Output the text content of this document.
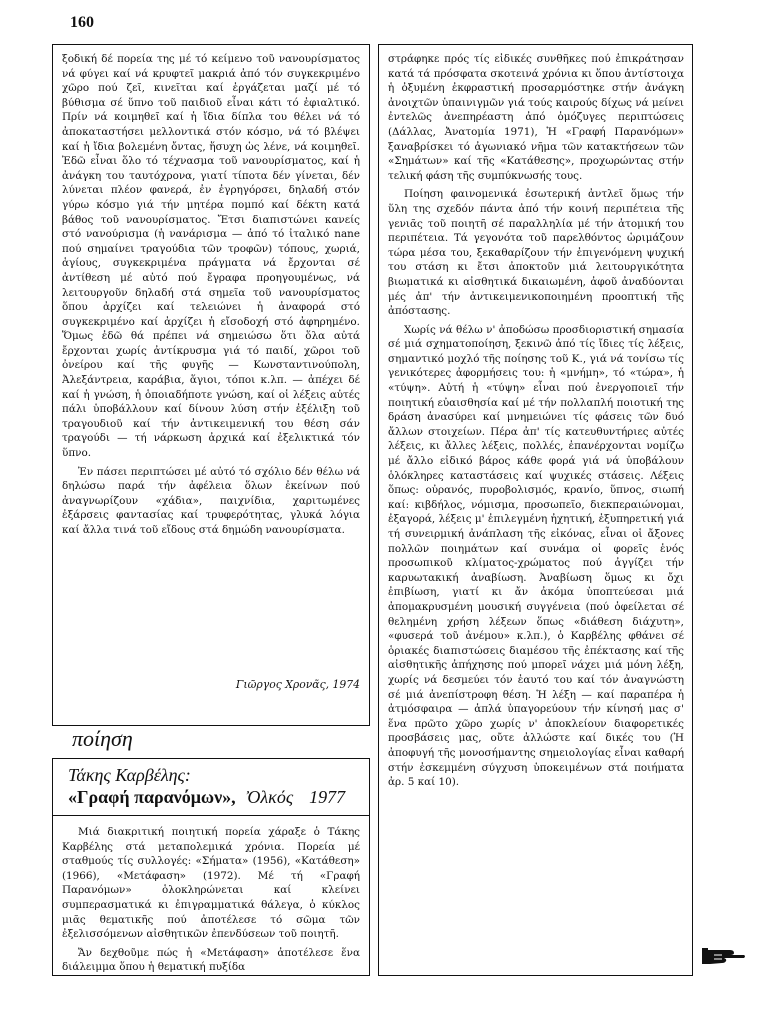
160

ξοδική δέ πορεία της μέ τό κείμενο τοῦ νανουρίσματος νά φύγει καί νά κρυφτεῖ μακριά ἀπό τόν συγκεκριμένο χῶρο πού ζεῖ, κινεῖται καί ἐργάζεται μαζί μέ τό βύθισμα σέ ὕπνο τοῦ παιδιοῦ εἶναι κάτι τό ἐφιαλτικό. Πρίν νά κοιμηθεῖ καί ἡ ἴδια δίπλα του θέλει νά τό ἀποκαταστήσει μελλοντικά στόν κόσμο, νά τό βλέψει καί ἡ ἴδια βολεμένη ὄντας, ἥσυχη ὡς λένε, νά κοιμηθεῖ. Ἐδῶ εἶναι ὅλο τό τέχνασμα τοῦ νανουρίσματος, καί ἡ ἀνάγκη του ταυτόχρονα, γιατί τίποτα δέν γίνεται, δέν λύνεται πλέον φανερά, ἐν ἐγρηγόρσει, δηλαδή στόν γύρω κόσμο γιά τήν μητέρα πομπό καί δέκτη κατά βάθος τοῦ νανουρίσματος. Ἔτσι διαπιστώνει κανείς στό νανούρισμα (ἡ νανάρισμα — ἀπό τό ἰταλικό nane πού σημαίνει τραγούδια τῶν τροφῶν) τόπους, χωριά, ἁγίους, συγκεκριμένα πράγματα νά ἔρχονται σέ ἀντίθεση μέ αὐτό πού ἔγραφα προηγουμένως, νά λειτουργοῦν δηλαδή στά σημεῖα τοῦ νανουρίσματος ὅπου ἀρχίζει καί τελειώνει ἡ ἀναφορά στό συγκεκριμένο καί ἀρχίζει ἡ εἴσοδοχή στό ἀφηρημένο. Ὅμως ἐδῶ θά πρέπει νά σημειώσω ὅτι ὅλα αὐτά ἔρχονται χωρίς ἀντίκρυσμα γιά τό παιδί, χῶροι τοῦ ὀνείρου καί τῆς φυγῆς — Κωνσταντινούπολη, Ἀλεξάντρεια, καράβια, ἅγιοι, τόποι κ.λπ. — ἀπέχει δέ καί ἡ γνώση, ἡ ὁποιαδήποτε γνώση, καί οἱ λέξεις αὐτές πάλι ὑποβάλλουν καί δίνουν λύση στήν ἐξέλιξη τοῦ τραγουδιοῦ καί τήν ἀντικειμενική του θέση σάν τραγούδι — τή νάρκωση ἀρχικά καί ἐξελικτικά τόν ὕπνο.

Ἐν πάσει περιπτώσει μέ αὐτό τό σχόλιο δέν θέλω νά δηλώσω παρά τήν ἀφέλεια ὅλων ἐκείνων πού ἀναγνωρίζουν «χάδια», παιχνίδια, χαριτωμένες ἐξάρσεις φαντασίας καί τρυφερότητας, γλυκά λόγια καί ἄλλα τινά τοῦ εἴδους στά δημώδη νανουρίσματα.

Γιῶργος Χρονᾶς, 1974
ποίηση
Τάκης Καρβέλης:
«Γραφή παρανόμων», Ὀλκός 1977

Μιά διακριτική ποιητική πορεία χάραξε ὁ Τάκης Καρβέλης στά μεταπολεμικά χρόνια. Πορεία μέ σταθμούς τίς συλλογές: «Σήματα» (1956), «Κατάθεση» (1966), «Μετάφαση» (1972). Μέ τή «Γραφή Παρανόμων» ὁλοκληρώνεται καί κλείνει συμπερασματικά κι ἐπιγραμματικά θάλεγα, ὁ κύκλος μιᾶς θεματικῆς πού ἀποτέλεσε τό σῶμα τῶν ἐξελισσόμενων αἰσθητικῶν ἐπενδύσεων τοῦ ποιητῆ.

Ἄν δεχθοῦμε πώς ἡ «Μετάφαση» ἀποτέλεσε ἕνα διάλειμμα ὅπου ἡ θεματική πυξίδα

στράφηκε πρός τίς εἰδικές συνθῆκες πού ἐπικράτησαν κατά τά πρόσφατα σκοτεινά χρόνια κι ὅπου ἀντίστοιχα ἡ ὀξυμένη ἐκφραστική προσαρμόστηκε στήν ἀνάγκη ἀνοιχτῶν ὑπαινιγμῶν γιά τούς καιρούς δίχως νά μείνει ἐντελῶς ἀνεπηρέαστη ἀπό ὁμόζυγες περιπτώσεις (Δάλλας, Ἀνατομία 1971), Ἡ «Γραφή Παρανόμων» ξαναβρίσκει τό ἀγωνιακό νῆμα τῶν κατακτήσεων τῶν «Σημάτων» καί τῆς «Κατάθεσης», προχωρώντας στήν τελική φάση τῆς συμπύκνωσής τους.

Ποίηση φαινομενικά ἐσωτερική ἀντλεῖ ὅμως τήν ὕλη της σχεδόν πάντα ἀπό τήν κοινή περιπέτεια τῆς γενιᾶς τοῦ ποιητῆ σέ παραλληλία μέ τήν ἀτομική του περιπέτεια. Τά γεγονότα τοῦ παρελθόντος ὡριμάζουν τώρα μέσα του, ξεκαθαρίζουν τήν ἐπιγενόμενη ψυχική του στάση κι ἔτσι ἀποκτοῦν μιά λειτουργικότητα βιωματικά κι αἰσθητικά δικαιωμένη, ἀφοῦ ἀναδύονται μές ἀπ' τήν ἀντικειμενικοποιημένη προοπτική τῆς ἀπόστασης.

Χωρίς νά θέλω ν' ἀποδώσω προσδιοριστική σημασία σέ μιά σχηματοποίηση, ξεκινῶ ἀπό τίς ἴδιες τίς λέξεις, σημαντικό μοχλό τῆς ποίησης τοῦ Κ., γιά νά τονίσω τίς γενικότερες ἀφορμήσεις του: ἡ «μνήμη», τό «τώρα», ἡ «τύψη». Αὐτή ἡ «τύψη» εἶναι πού ἐνεργοποιεῖ τήν ποιητική εὐαισθησία καί μέ τήν πολλαπλή ποιοτική της δράση ἀνασύρει καί μνημειώνει τίς φάσεις τῶν δυό ἄλλων στοιχείων. Πέρα ἀπ' τίς κατευθυντήριες αὐτές λέξεις, κι ἄλλες λέξεις, πολλές, ἐπανέρχονται νομίζω μέ ἄλλο εἰδικό βάρος κάθε φορά γιά νά ὑποβάλουν ὁλόκληρες καταστάσεις καί ψυχικές στάσεις. Λέξεις ὅπως: οὐρανός, πυροβολισμός, κρανίο, ὕπνος, σιωπή καί: κιβδήλος, νόμισμα, προσωπεῖο, διεκπεραιώνομαι, ἐξαγορά, λέξεις μ' ἐπιλεγμένη ἠχητική, ἐξυπηρετική γιά τή συνειρμική ἀνάπλαση τῆς εἰκόνας, εἶναι οἱ ἄξονες πολλῶν ποιημάτων καί συνάμα οἱ φορεῖς ἑνός προσωπικοῦ κλίματος-χρώματος πού ἀγγίζει τήν καρυωτακική ἀναβίωση. Ἀναβίωση ὅμως κι ὄχι ἐπιβίωση, γιατί κι ἄν ἀκόμα ὑποπτεύεσαι μιά ἀπομακρυσμένη μουσική συγγένεια (πού ὀφείλεται σέ θελημένη χρήση λέξεων ὅπως «διάθεση διάχυτη», «φυσερά τοῦ ἀνέμου» κ.λπ.), ὁ Καρβέλης φθάνει σέ ὁριακές διαπιστώσεις διαμέσου τῆς ἐπέκτασης καί τῆς αἰσθητικῆς ἀπήχησης πού μπορεῖ νάχει μιά μόνη λέξη, χωρίς νά δεσμεύει τόν ἑαυτό του καί τόν ἀναγνώστη σέ μιά ἀνεπίστροφη θέση. Ἡ λέξη — καί παραπέρα ἡ ἀτμόσφαιρα — ἁπλά ὑπαγορεύουν τήν κίνησή μας σ' ἕνα πρῶτο χῶρο χωρίς ν' ἀποκλείουν διαφορετικές προσβάσεις μας, οὔτε ἀλλώστε καί δικές του (Ἡ ἀποφυγή τῆς μονοσήμαντης σημειολογίας εἶναι καθαρή στήν ἐσκεμμένη σύγχυση ὑποκειμένων στά ποιήματα ἀρ. 5 καί 10).
